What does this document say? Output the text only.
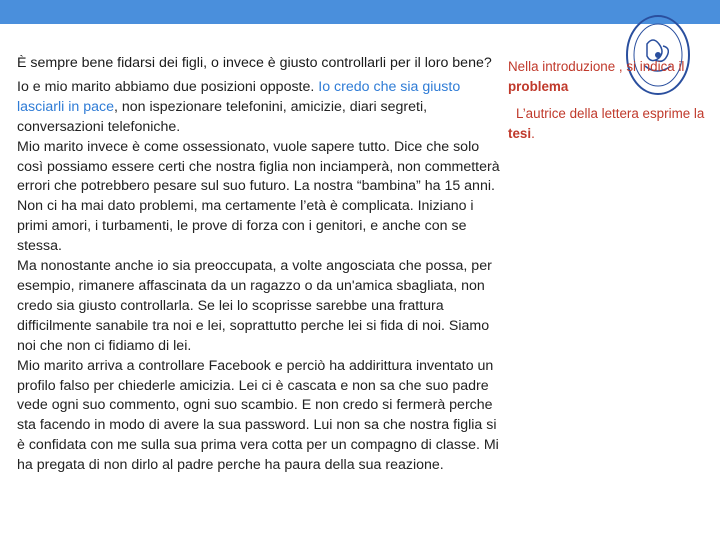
È sempre bene fidarsi dei figli, o invece è giusto controllarli per il loro bene?

Io e mio marito abbiamo due posizioni opposte. Io credo che sia giusto lasciarli in pace, non ispezionare telefonini, amicizie, diari segreti, conversazioni telefoniche.

Mio marito invece è come ossessionato, vuole sapere tutto. Dice che solo così possiamo essere certi che nostra figlia non inciamperà, non commetterà errori che potrebbero pesare sul suo futuro. La nostra “bambina” ha 15 anni. Non ci ha mai dato problemi, ma certamente l’età è complicata. Iniziano i primi amori, i turbamenti, le prove di forza con i genitori, e anche con se stessa.

Ma nonostante anche io sia preoccupata, a volte angosciata che possa, per esempio, rimanere affascinata da un ragazzo o da un'amica sbagliata, non credo sia giusto controllarla. Se lei lo scoprisse sarebbe una frattura difficilmente sanabile tra noi e lei, soprattutto perche lei si fida di noi. Siamo noi che non ci fidiamo di lei.

Mio marito arriva a controllare Facebook e perciò ha addirittura inventato un profilo falso per chiederle amicizia. Lei ci è cascata e non sa che suo padre vede ogni suo commento, ogni suo scambio. E non credo si fermerà perche sta facendo in modo di avere la sua password. Lui non sa che nostra figlia si è confidata con me sulla sua prima vera cotta per un compagno di classe. Mi ha pregata di non dirlo al padre perche ha paura della sua reazione.

Nella introduzione , si indica il problema

L’autrice della lettera esprime la tesi.
